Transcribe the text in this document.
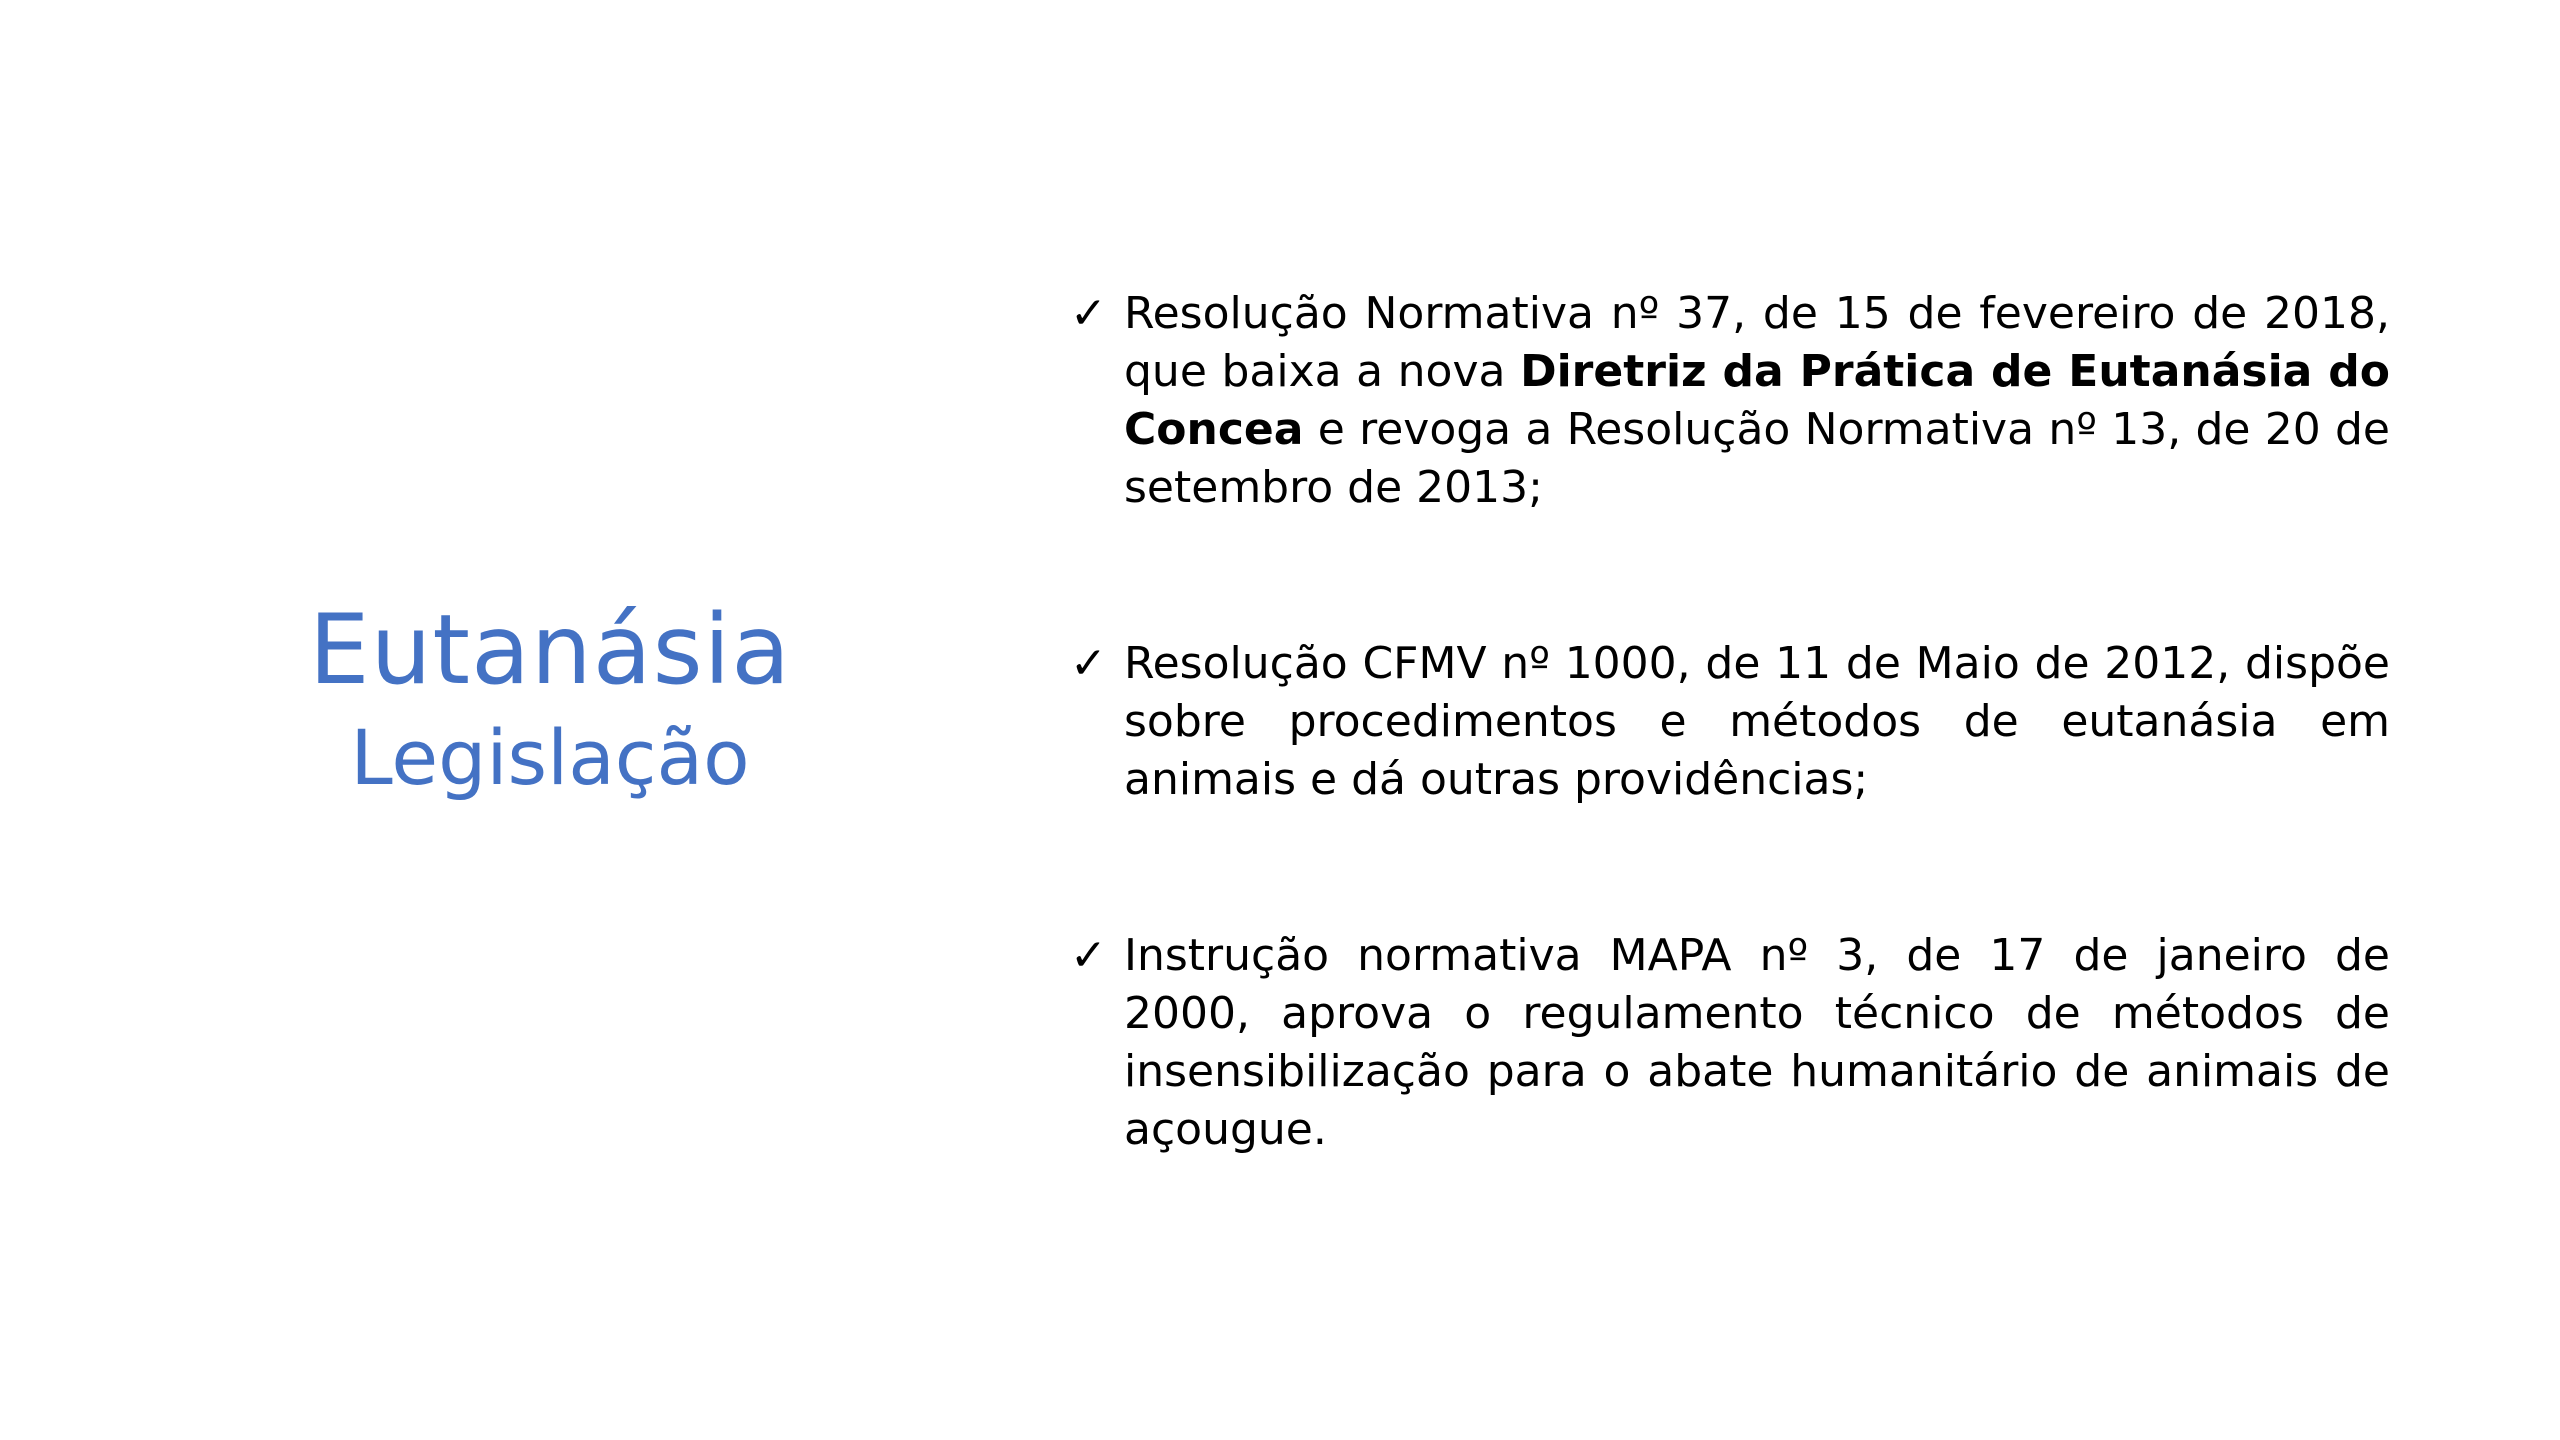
Eutanásia
Legislação
✓ Resolução Normativa nº 37, de 15 de fevereiro de 2018, que baixa a nova Diretriz da Prática de Eutanásia do Concea e revoga a Resolução Normativa nº 13, de 20 de setembro de 2013;
✓ Resolução CFMV nº 1000, de 11 de Maio de 2012, dispõe sobre procedimentos e métodos de eutanásia em animais e dá outras providências;
✓ Instrução normativa MAPA nº 3, de 17 de janeiro de 2000, aprova o regulamento técnico de métodos de insensibilização para o abate humanitário de animais de açougue.
